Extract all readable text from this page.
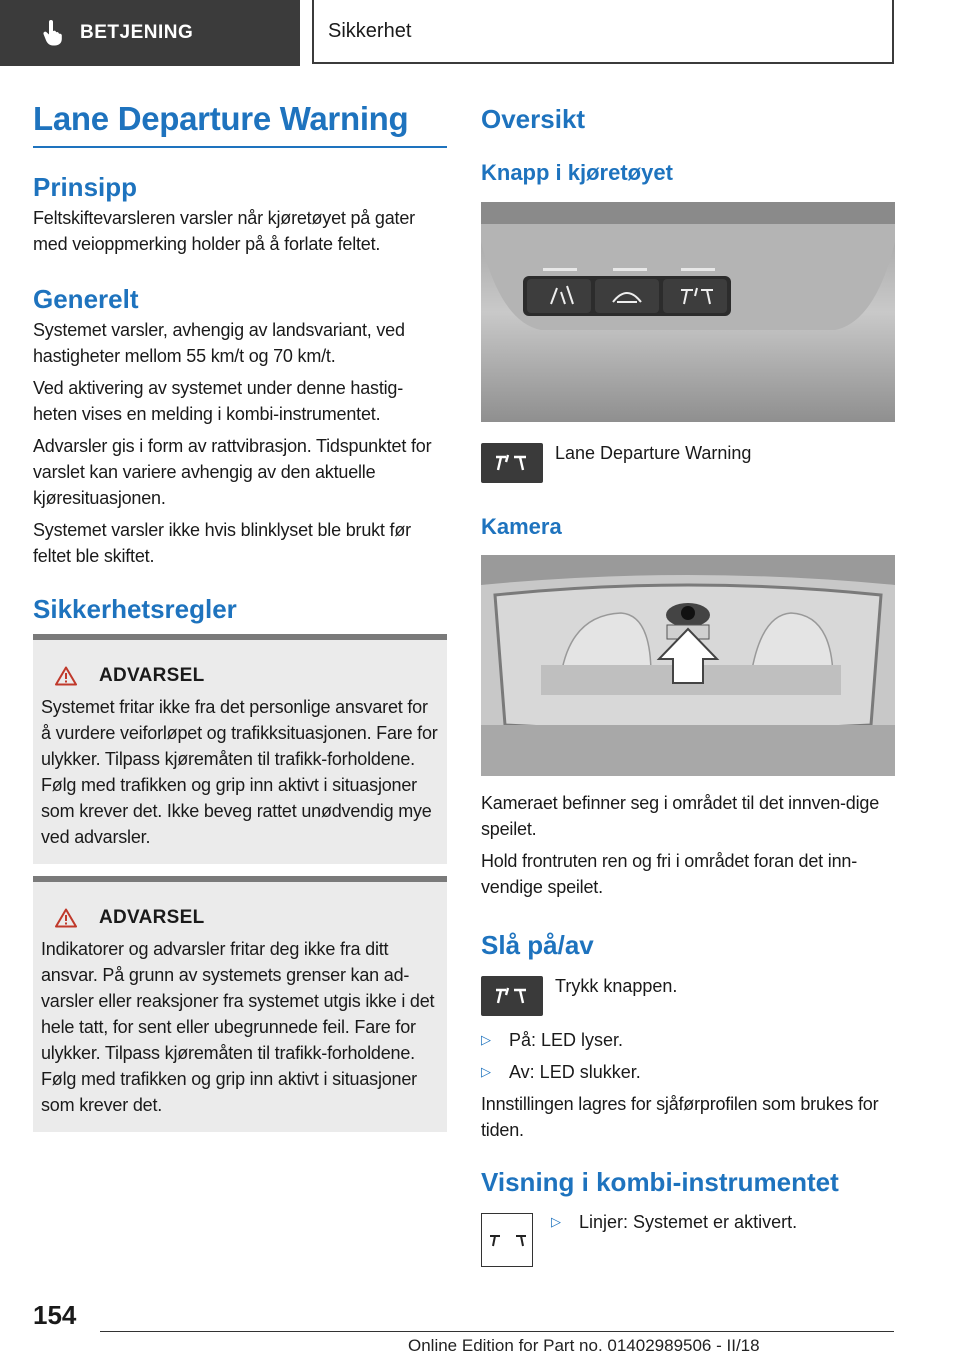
BETJENING	Sikkerhet
Lane Departure Warning
Prinsipp

Feltskiftevarsleren varsler når kjøretøyet på gater med veioppmerking holder på å forlate feltet.

Generelt

Systemet varsler, avhengig av landsvariant, ved hastigheter mellom 55 km/t og 70 km/t.

Ved aktivering av systemet under denne hastig‐heten vises en melding i kombi-instrumentet.

Advarsler gis i form av rattvibrasjon. Tidspunktet for varslet kan variere avhengig av den aktuelle kjøresituasjonen.

Systemet varsler ikke hvis blinklyset ble brukt før feltet ble skiftet.

Sikkerhetsregler
ADVARSEL

Systemet fritar ikke fra det personlige ansvaret for å vurdere veiforløpet og trafikksituasjonen. Fare for ulykker. Tilpass kjøremåten til trafikk‐forholdene. Følg med trafikken og grip inn aktivt i situasjoner som krever det. Ikke beveg rattet unødvendig mye ved advarsler.

ADVARSEL

Indikatorer og advarsler fritar deg ikke fra ditt ansvar. På grunn av systemets grenser kan ad‐varsler eller reaksjoner fra systemet utgis ikke i det hele tatt, for sent eller ubegrunnede feil. Fare for ulykker. Tilpass kjøremåten til trafikk‐forholdene. Følg med trafikken og grip inn aktivt i situasjoner som krever det.

Oversikt
Knapp i kjøretøyet
Lane Departure Warning
Kamera

Kameraet befinner seg i området til det innven‐dige speilet.

Hold frontruten ren og fri i området foran det inn‐vendige speilet.

Slå på/av
Trykk knappen.
▷	På: LED lyser.
▷	Av: LED slukker.

Innstillingen lagres for sjåførprofilen som brukes for tiden.

Visning i kombi-instrumentet
▷	Linjer: Systemet er aktivert.
154
Online Edition for Part no. 01402989506 - II/18
